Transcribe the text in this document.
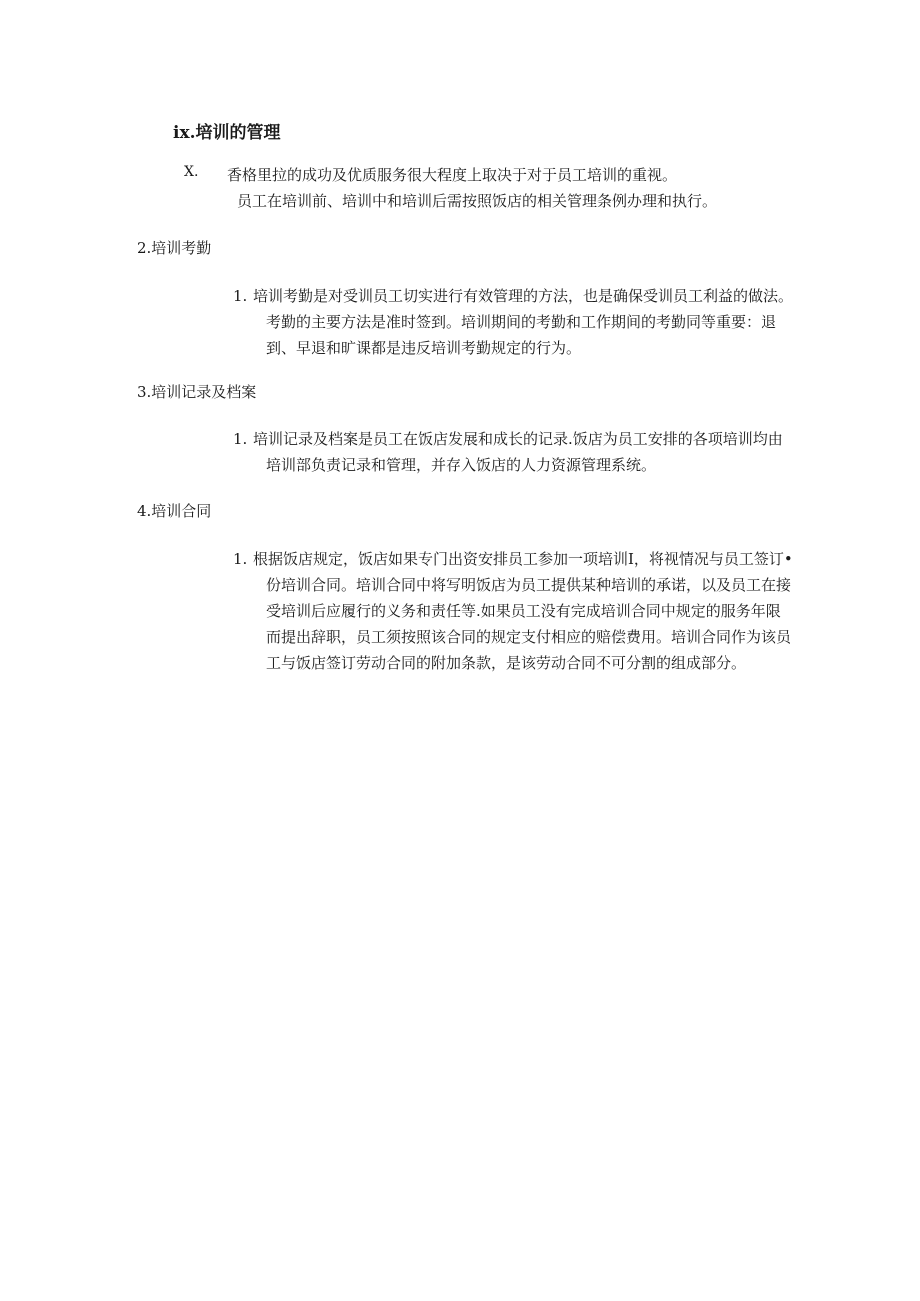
ix.培训的管理
X. 香格里拉的成功及优质服务很大程度上取决于对于员工培训的重视。
员工在培训前、培训中和培训后需按照饭店的相关管理条例办理和执行。
2.培训考勤
1. 培训考勤是对受训员工切实进行有效管理的方法，也是确保受训员工利益的做法。考勤的主要方法是准时签到。培训期间的考勤和工作期间的考勤同等重要：退到、早退和旷课都是违反培训考勤规定的行为。
3.培训记录及档案
1. 培训记录及档案是员工在饭店发展和成长的记录.饭店为员工安排的各项培训均由培训部负责记录和管理，并存入饭店的人力资源管理系统。
4.培训合同
1. 根据饭店规定，饭店如果专门出资安排员工参加一项培训I，将视情况与员工签订•份培训合同。培训合同中将写明饭店为员工提供某种培训的承诺，以及员工在接受培训后应履行的义务和责任等.如果员工没有完成培训合同中规定的服务年限而提出辞职，员工须按照该合同的规定支付相应的赔偿费用。培训合同作为该员工与饭店签订劳动合同的附加条款，是该劳动合同不可分割的组成部分。
